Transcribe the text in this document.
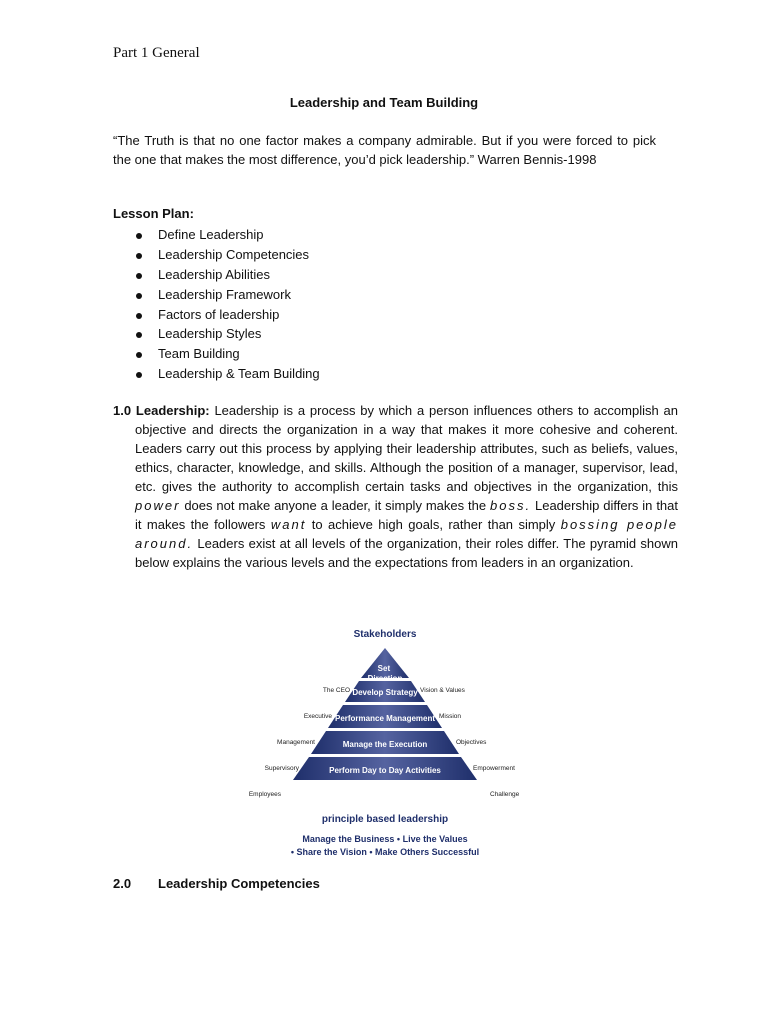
Part 1 General
Leadership and Team Building
“The Truth is that no one factor makes a company admirable. But if you were forced to pick the one that makes the most difference, you’d pick leadership.” Warren Bennis-1998
Lesson Plan:
Define Leadership
Leadership Competencies
Leadership Abilities
Leadership Framework
Factors of leadership
Leadership Styles
Team Building
Leadership & Team Building
1.0 Leadership: Leadership is a process by which a person influences others to accomplish an objective and directs the organization in a way that makes it more cohesive and coherent. Leaders carry out this process by applying their leadership attributes, such as beliefs, values, ethics, character, knowledge, and skills. Although the position of a manager, supervisor, lead, etc. gives the authority to accomplish certain tasks and objectives in the organization, this power does not make anyone a leader, it simply makes the boss. Leadership differs in that it makes the followers want to achieve high goals, rather than simply bossing people around. Leaders exist at all levels of the organization, their roles differ. The pyramid shown below explains the various levels and the expectations from leaders in an organization.
Stakeholders
Set Direction
Develop Strategy
Performance Management
Manage the Execution
Perform Day to Day Activities
The CEO
Executive
Management
Supervisory
Employees
Vision & Values
Mission
Objectives
Empowerment
Challenge
principle based leadership
Manage the Business • Live the Values
• Share the Vision • Make Others Successful
2.0 Leadership Competencies
